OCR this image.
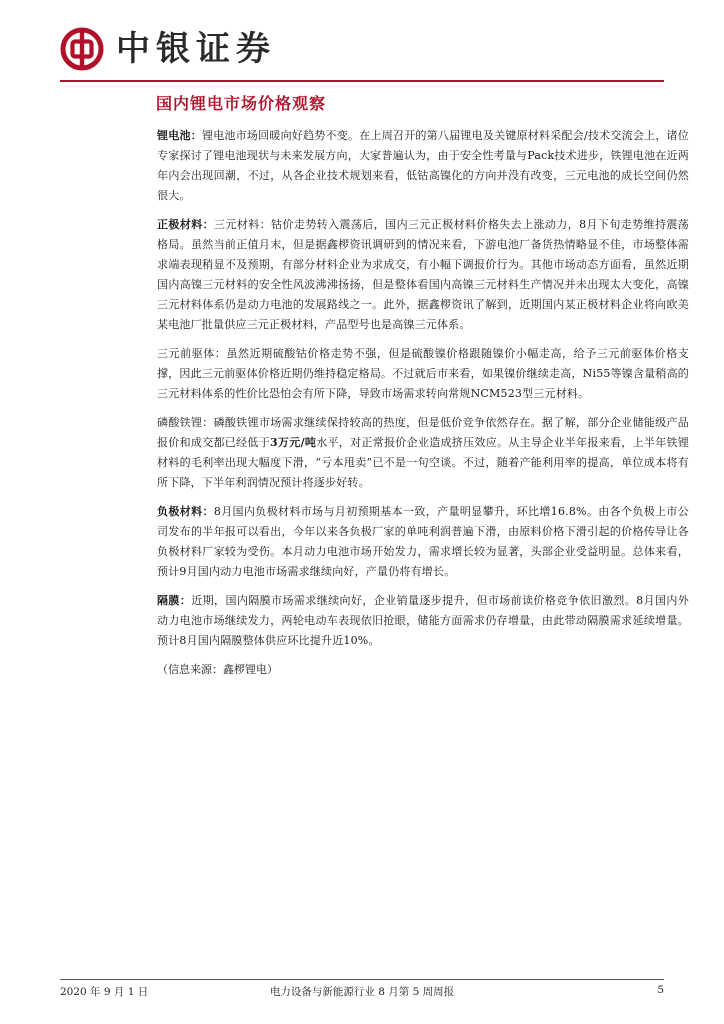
中银证券
国内锂电市场价格观察

锂电池：锂电池市场回暖向好趋势不变。在上周召开的第八届锂电及关键原材料采配会/技术交流会上，诸位专家探讨了锂电池现状与未来发展方向，大家普遍认为，由于安全性考量与Pack技术进步，铁锂电池在近两年内会出现回潮，不过，从各企业技术规划来看，低钴高镍化的方向并没有改变，三元电池的成长空间仍然很大。

正极材料：三元材料：钴价走势转入震荡后，国内三元正极材料价格失去上涨动力，8月下旬走势维持震荡格局。虽然当前正值月末，但是据鑫椤资讯调研到的情况来看，下游电池厂备货热情略显不佳，市场整体需求端表现稍显不及预期，有部分材料企业为求成交，有小幅下调报价行为。其他市场动态方面看，虽然近期国内高镍三元材料的安全性风波沸沸扬扬，但是整体看国内高镍三元材料生产情况并未出现太大变化，高镍三元材料体系仍是动力电池的发展路线之一。此外，据鑫椤资讯了解到，近期国内某正极材料企业将向欧美某电池厂批量供应三元正极材料，产品型号也是高镍三元体系。

三元前驱体：虽然近期硫酸钴价格走势不强，但是硫酸镍价格跟随镍价小幅走高，给予三元前驱体价格支撑，因此三元前驱体价格近期仍维持稳定格局。不过就后市来看，如果镍价继续走高，Ni55等镍含量稍高的三元材料体系的性价比恐怕会有所下降，导致市场需求转向常规NCM523型三元材料。

磷酸铁锂：磷酸铁锂市场需求继续保持较高的热度，但是低价竞争依然存在。据了解，部分企业储能级产品报价和成交都已经低于3万元/吨水平，对正常报价企业造成挤压效应。从主导企业半年报来看，上半年铁锂材料的毛利率出现大幅度下滑，“亏本甩卖”已不是一句空谈。不过，随着产能利用率的提高，单位成本将有所下降，下半年利润情况预计将逐步好转。

负极材料：8月国内负极材料市场与月初预期基本一致，产量明显攀升，环比增16.8%。由各个负极上市公司发布的半年报可以看出，今年以来各负极厂家的单吨利润普遍下滑，由原料价格下滑引起的价格传导让各负极材料厂家较为受伤。本月动力电池市场开始发力，需求增长较为显著，头部企业受益明显。总体来看，预计9月国内动力电池市场需求继续向好，产量仍将有增长。

隔膜：近期，国内隔膜市场需求继续向好，企业销量逐步提升，但市场前读价格竞争依旧激烈。8月国内外动力电池市场继续发力，两轮电动车表现依旧抢眼，储能方面需求仍存增量，由此带动隔膜需求延续增量。预计8月国内隔膜整体供应环比提升近10%。

（信息来源：鑫椤锂电）
2020 年 9 月 1 日	电力设备与新能源行业 8 月第 5 周周报	5
